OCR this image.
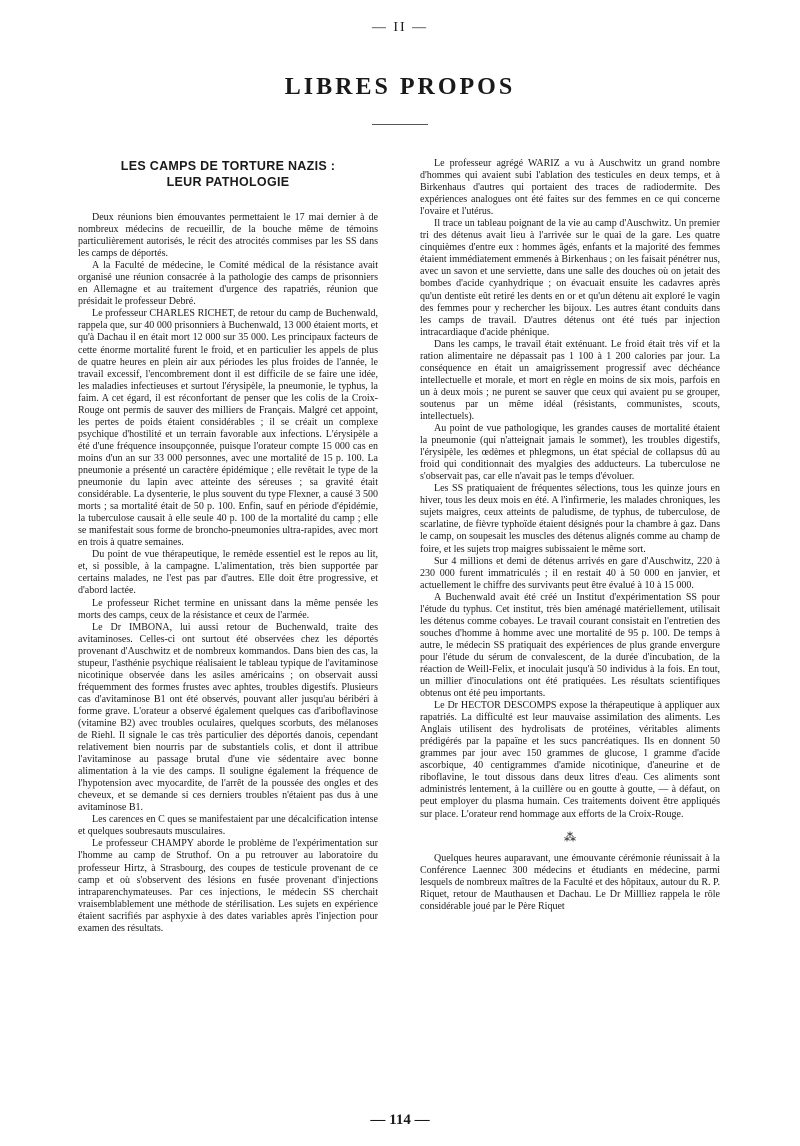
— II —
LIBRES PROPOS
LES CAMPS DE TORTURE NAZIS :
LEUR PATHOLOGIE

Deux réunions bien émouvantes permettaient le 17 mai dernier à de nombreux médecins de recueillir, de la bouche même de témoins particulièrement autorisés, le récit des atrocités commises par les SS dans les camps de déportés.

A la Faculté de médecine, le Comité médical de la résistance avait organisé une réunion consacrée à la pathologie des camps de prisonniers en Allemagne et au traitement d'urgence des rapatriés, réunion que présidait le professeur Debré.

Le professeur CHARLES RICHET, de retour du camp de Buchenwald, rappela que, sur 40 000 prisonniers à Buchenwald, 13 000 étaient morts, et qu'à Dachau il en était mort 12 000 sur 35 000. Les principaux facteurs de cette énorme mortalité furent le froid, et en particulier les appels de plus de quatre heures en plein air aux périodes les plus froides de l'année, le travail excessif, l'encombrement dont il est difficile de se faire une idée, les maladies infectieuses et surtout l'érysipèle, la pneumonie, le typhus, la faim. A cet égard, il est réconfortant de penser que les colis de la Croix-Rouge ont permis de sauver des milliers de Français. Malgré cet appoint, les pertes de poids étaient considérables ; il se créait un complexe psychique d'hostilité et un terrain favorable aux infections. L'érysipèle a été d'une fréquence insoupçonnée, puisque l'orateur compte 15 000 cas en moins d'un an sur 33 000 personnes, avec une mortalité de 15 p. 100. La pneumonie a présenté un caractère épidémique ; elle revêtait le type de la pneumonie du lapin avec atteinte des séreuses ; sa gravité était considérable. La dysenterie, le plus souvent du type Flexner, a causé 3 500 morts ; sa mortalité était de 50 p. 100. Enfin, sauf en période d'épidémie, la tuberculose causait à elle seule 40 p. 100 de la mortalité du camp ; elle se manifestait sous forme de broncho-pneumonies ultra-rapides, avec mort en trois à quatre semaines.

Du point de vue thérapeutique, le remède essentiel est le repos au lit, et, si possible, à la campagne. L'alimentation, très bien supportée par certains malades, ne l'est pas par d'autres. Elle doit être progressive, et d'abord lactée.

Le professeur Richet termine en unissant dans la même pensée les morts des camps, ceux de la résistance et ceux de l'armée.

Le Dr IMBONA, lui aussi retour de Buchenwald, traite des avitaminoses. Celles-ci ont surtout été observées chez les déportés provenant d'Auschwitz et de nombreux kommandos. Dans bien des cas, la stupeur, l'asthénie psychique réalisaient le tableau typique de l'avitaminose nicotinique observée dans les asiles américains ; on observait aussi fréquemment des formes frustes avec aphtes, troubles digestifs. Plusieurs cas d'avitaminose B1 ont été observés, pouvant aller jusqu'au béribéri à forme grave. L'orateur a observé également quelques cas d'ariboflavinose (vitamine B2) avec troubles oculaires, quelques scorbuts, des mélanoses de Riehl. Il signale le cas très particulier des déportés danois, cependant relativement bien nourris par de substantiels colis, et dont il attribue l'avitaminose au passage brutal d'une vie sédentaire avec bonne alimentation à la vie des camps. Il souligne également la fréquence de l'hypotension avec myocardite, de l'arrêt de la poussée des ongles et des cheveux, et se demande si ces derniers troubles n'étaient pas dus à une avitaminose B1.

Les carences en C ques se manifestaient par une décalcification intense et quelques soubresauts musculaires.

Le professeur CHAMPY aborde le problème de l'expérimentation sur l'homme au camp de Struthof. On a pu retrouver au laboratoire du professeur Hirtz, à Strasbourg, des coupes de testicule provenant de ce camp et où s'observent des lésions en fusée provenant d'injections intraparenchymateuses. Par ces injections, le médecin SS cherchait vraisemblablement une méthode de stérilisation. Les sujets en expérience étaient sacrifiés par asphyxie à des dates variables après l'injection pour examen des résultats.

Le professeur agrégé WARIZ a vu à Auschwitz un grand nombre d'hommes qui avaient subi l'ablation des testicules en deux temps, et à Birkenhaus d'autres qui portaient des traces de radiodermite. Des expériences analogues ont été faites sur des femmes en ce qui concerne l'ovaire et l'utérus.

Il trace un tableau poignant de la vie au camp d'Auschwitz. Un premier tri des détenus avait lieu à l'arrivée sur le quai de la gare. Les quatre cinquièmes d'entre eux : hommes âgés, enfants et la majorité des femmes étaient immédiatement emmenés à Birkenhaus ; on les faisait pénétrer nus, avec un savon et une serviette, dans une salle des douches où on jetait des bombes d'acide cyanhydrique ; on évacuait ensuite les cadavres après qu'un dentiste eût retiré les dents en or et qu'un détenu ait exploré le vagin des femmes pour y rechercher les bijoux. Les autres étant conduits dans les camps de travail. D'autres détenus ont été tués par injection intracardiaque d'acide phénique.

Dans les camps, le travail était exténuant. Le froid était très vif et la ration alimentaire ne dépassait pas 1 100 à 1 200 calories par jour. La conséquence en était un amaigrissement progressif avec déchéance intellectuelle et morale, et mort en règle en moins de six mois, parfois en un à deux mois ; ne purent se sauver que ceux qui avaient pu se grouper, soutenus par un même idéal (résistants, communistes, scouts, intellectuels).

Au point de vue pathologique, les grandes causes de mortalité étaient la pneumonie (qui n'atteignait jamais le sommet), les troubles digestifs, l'érysipèle, les œdèmes et phlegmons, un état spécial de collapsus dû au froid qui conditionnait des myalgies des adducteurs. La tuberculose ne s'observait pas, car elle n'avait pas le temps d'évoluer.

Les SS pratiquaient de fréquentes sélections, tous les quinze jours en hiver, tous les deux mois en été. A l'infirmerie, les malades chroniques, les sujets maigres, ceux atteints de paludisme, de typhus, de tuberculose, de scarlatine, de fièvre typhoïde étaient désignés pour la chambre à gaz. Dans le camp, on soupesait les muscles des détenus alignés comme au champ de foire, et les sujets trop maigres subissaient le même sort.

Sur 4 millions et demi de détenus arrivés en gare d'Auschwitz, 220 à 230 000 furent immatriculés ; il en restait 40 à 50 000 en janvier, et actuellement le chiffre des survivants peut être évalué à 10 à 15 000.

A Buchenwald avait été créé un Institut d'expérimentation SS pour l'étude du typhus. Cet institut, très bien aménagé matériellement, utilisait les détenus comme cobayes. Le travail courant consistait en l'entretien des souches d'homme à homme avec une mortalité de 95 p. 100. De temps à autre, le médecin SS pratiquait des expériences de plus grande envergure pour l'étude du sérum de convalescent, de la durée d'incubation, de la réaction de Weill-Felix, et inoculait jusqu'à 50 individus à la fois. En tout, un millier d'inoculations ont été pratiquées. Les résultats scientifiques obtenus ont été peu importants.

Le Dr HECTOR DESCOMPS expose la thérapeutique à appliquer aux rapatriés. La difficulté est leur mauvaise assimilation des aliments. Les Anglais utilisent des hydrolisats de protéines, véritables aliments prédigérés par la papaïne et les sucs pancréatiques. Ils en donnent 50 grammes par jour avec 150 grammes de glucose, 1 gramme d'acide ascorbique, 40 centigrammes d'amide nicotinique, d'aneurine et de riboflavine, le tout dissous dans deux litres d'eau. Ces aliments sont administrés lentement, à la cuillère ou en goutte à goutte, — à défaut, on peut employer du plasma humain. Ces traitements doivent être appliqués sur place. L'orateur rend hommage aux efforts de la Croix-Rouge.

⁂

Quelques heures auparavant, une émouvante cérémonie réunissait à la Conférence Laennec 300 médecins et étudiants en médecine, parmi lesquels de nombreux maîtres de la Faculté et des hôpitaux, autour du R. P. Riquet, retour de Mauthausen et Dachau. Le Dr Millliez rappela le rôle considérable joué par le Père Riquet

— 114 —
